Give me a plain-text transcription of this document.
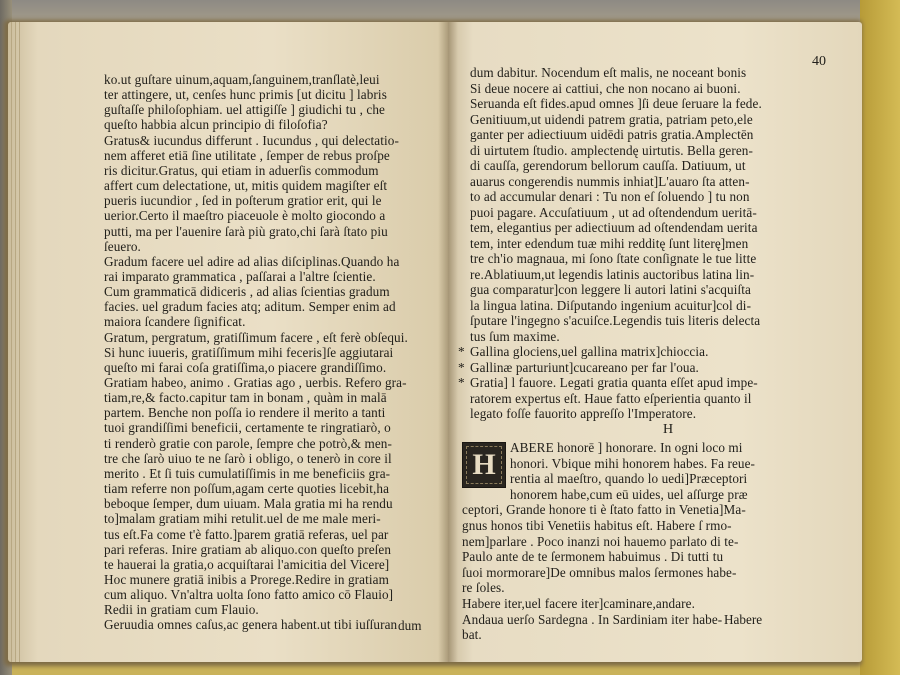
ko.ut guſtare uinum,aquam,ſanguinem,tranſlatè,leui
ter attingere, ut, cenſes hunc primis [ut dicitu ] labris
guſtaſſe philoſophiam. uel attigiſſe ] giudichi tu , che
queſto habbia alcun principio di filoſofia?
Gratus& iucundus differunt . Iucundus , qui delectatio-
nem afferet etiā ſine utilitate , ſemper de rebus proſpe
ris dicitur.Gratus, qui etiam in aduerſis commodum
affert cum delectatione, ut, mitis quidem magiſter eſt
pueris iucundior , ſed in poſterum gratior erit, qui le
uerior.Certo il maeſtro piaceuole è molto giocondo a
putti, ma per l'auenire ſarà più grato,chi ſarà ſtato piu
ſeuero.
Gradum facere uel adire ad alias diſciplinas.Quando ha
rai imparato grammatica , paſſarai a l'altre ſcientie.
Cum grammaticā didiceris , ad alias ſcientias gradum
facies. uel gradum facies atq; aditum. Semper enim ad
maiora ſcandere ſignificat.
Gratum, pergratum, gratiſſimum facere , eſt ferè obſequi.
Si hunc iuueris, gratiſſimum mihi feceris]ſe aggiutarai
queſto mi farai coſa gratiſſima,o piacere grandiſſimo.
Gratiam habeo, animo . Gratias ago , uerbis. Refero gra-
tiam,re,& facto.capitur tam in bonam , quàm in malā
partem. Benche non poſſa io rendere il merito a tanti
tuoi grandiſſimi beneficii, certamente te ringratiarò, o
ti renderò gratie con parole, ſempre che potrò,& men-
tre che ſarò uiuo te ne ſarò i obligo, o tenerò in core il
merito . Et ſi tuis cumulatiſſimis in me beneficiis gra-
tiam referre non poſſum,agam certe quoties licebit,ha
beboque ſemper, dum uiuam. Mala gratia mi ha rendu
to]malam gratiam mihi retulit.uel de me male meri-
tus eſt.Fa come t'è fatto.]parem gratiā referas, uel par
pari referas. Inire gratiam ab aliquo.con queſto preſen
te hauerai la gratia,o acquiſtarai l'amicitia del Vicere]
Hoc munere gratiā inibis a Prorege.Redire in gratiam
cum aliquo. Vn'altra uolta ſono fatto amico cō Flauio]
Redii in gratiam cum Flauio.
Geruudia omnes caſus,ac genera habent.ut tibi iuſſuran dum
40
dum dabitur. Nocendum eſt malis, ne noceant bonis
Si deue nocere ai cattiui, che non nocano ai buoni.
Seruanda eſt fides.apud omnes ]ſi deue ſeruare la fede.
Genitiuum,ut uidendi patrem gratia, patriam peto,ele
ganter per adiectiuum uidēdi patris gratia.Amplectēn
di uirtutem ſtudio. amplectendę uirtutis. Bella geren-
di cauſſa, gerendorum bellorum cauſſa. Datiuum, ut
auarus congerendis nummis inhiat]L'auaro ſta atten-
to ad accumular denari : Tu non eſ ſoluendo ] tu non
puoi pagare. Accuſatiuum , ut ad oſtendendum ueritā-
tem, elegantius per adiectiuum ad oſtendendam uerita
tem, inter edendum tuæ mihi redditę ſunt literę]men
tre ch'io magnaua, mi ſono ſtate conſignate le tue litte
re.Ablatiuum,ut legendis latinis auctoribus latina lin-
gua comparatur]con leggere li autori latini s'acquiſta
la lingua latina. Diſputando ingenium acuitur]col di-
ſputare l'ingegno s'acuiſce.Legendis tuis literis delecta
tus ſum maxime.
Gallina glociens,uel gallina matrix]chioccia.
Gallinæ parturiunt]cucareano per far l'oua.
Gratia] l fauore. Legati gratia quanta eſſet apud impe-
ratorem expertus eſt. Haue fatto eſperientia quanto il
legato foſſe fauorito appreſſo l'Imperatore.
*
*
*
ABERE honorē ] honorare. In ogni loco mi
honori. Vbique mihi honorem habes. Fa reue-
rentia al maeſtro, quando lo uedi]Præceptori
honorem habe,cum eū uides, uel aſſurge præ
ceptori, Grande honore ti è ſtato fatto in Venetia]Ma-
gnus honos tibi Venetiis habitus eſt. Habere ſ rmo-
nem]parlare . Poco inanzi noi hauemo parlato di te-
Paulo ante de te ſermonem habuimus . Di tutti tu
ſuoi mormorare]De omnibus malos ſermones habe-
re ſoles.
Habere iter,uel facere iter]caminare,andare.
Andaua uerſo Sardegna . In Sardiniam iter habe-
bat.
H
H
Habere
